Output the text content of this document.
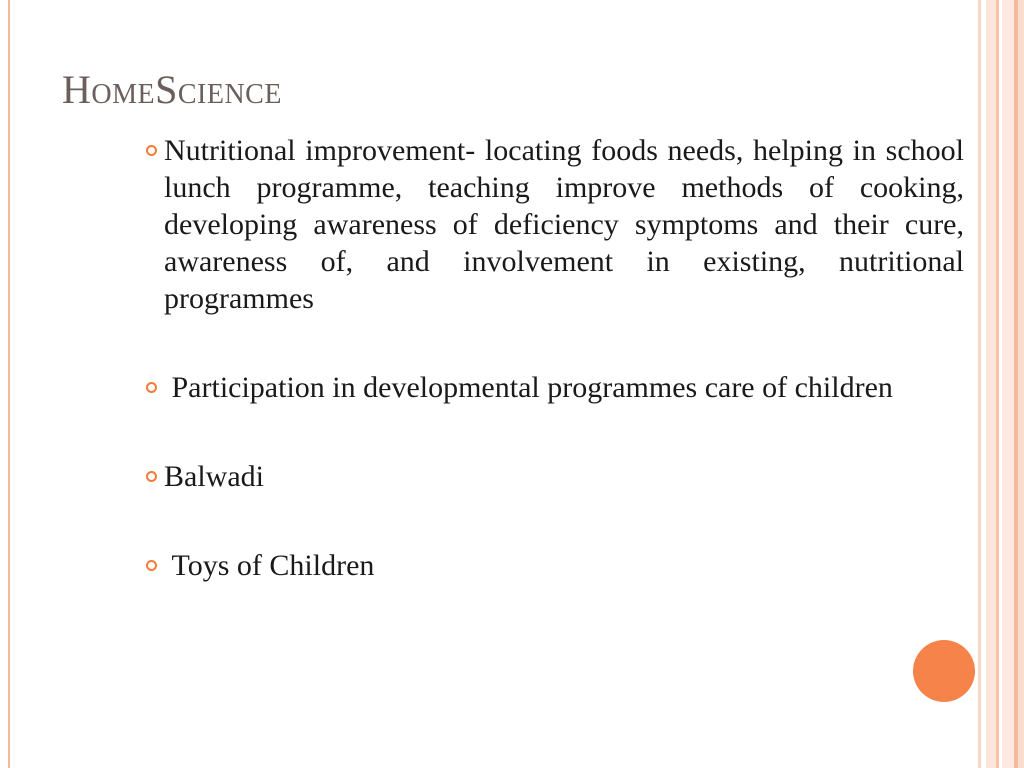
HomeScience
Nutritional improvement- locating foods needs, helping in school lunch programme, teaching improve methods of cooking, developing awareness of deficiency symptoms and their cure, awareness of, and involvement in existing, nutritional programmes
Participation in developmental programmes care of children
Balwadi
Toys of Children
